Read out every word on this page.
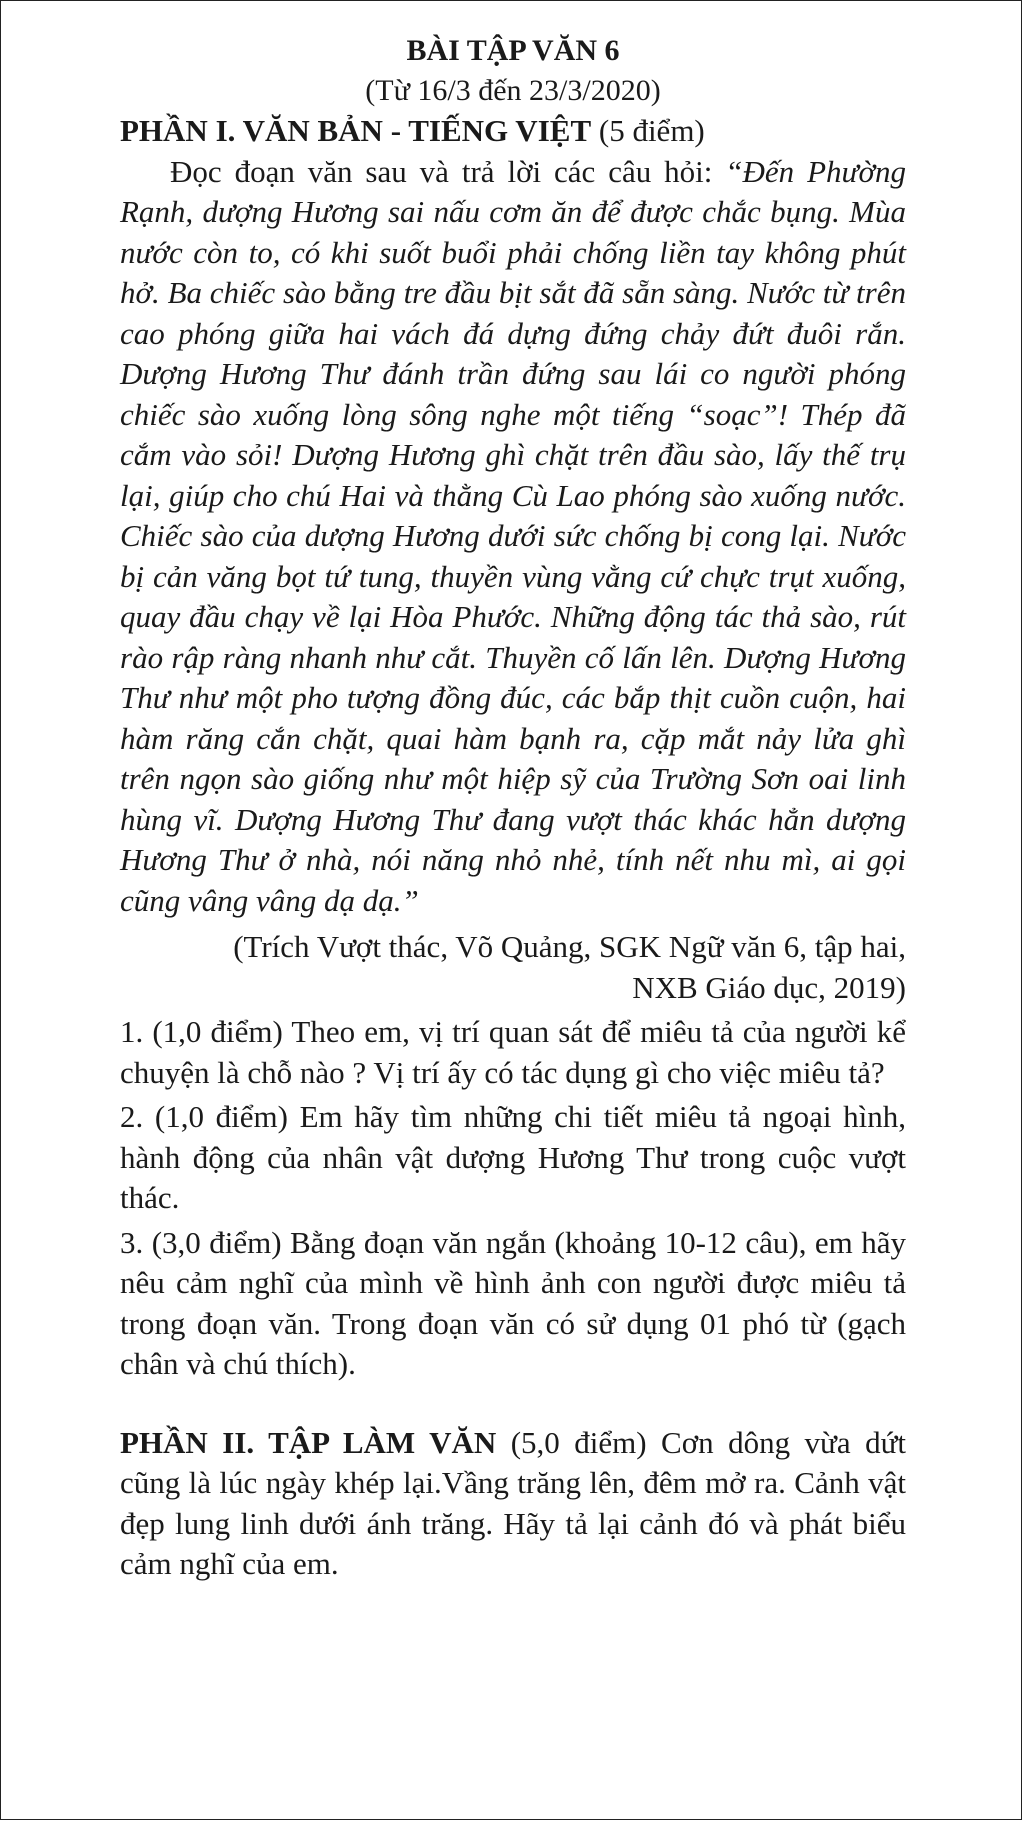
BÀI TẬP VĂN 6
(Từ 16/3 đến 23/3/2020)
PHẦN I. VĂN BẢN - TIẾNG VIỆT (5 điểm)

Đọc đoạn văn sau và trả lời các câu hỏi: “Đến Phường Rạnh, dượng Hương sai nấu cơm ăn để được chắc bụng. Mùa nước còn to, có khi suốt buổi phải chống liền tay không phút hở. Ba chiếc sào bằng tre đầu bịt sắt đã sẵn sàng. Nước từ trên cao phóng giữa hai vách đá dựng đứng chảy đứt đuôi rắn. Dượng Hương Thư đánh trần đứng sau lái co người phóng chiếc sào xuống lòng sông nghe một tiếng “soạc”! Thép đã cắm vào sỏi! Dượng Hương ghì chặt trên đầu sào, lấy thế trụ lại, giúp cho chú Hai và thằng Cù Lao phóng sào xuống nước. Chiếc sào của dượng Hương dưới sức chống bị cong lại. Nước bị cản văng bọt tứ tung, thuyền vùng vằng cứ chực trụt xuống, quay đầu chạy về lại Hòa Phước. Những động tác thả sào, rút rào rập ràng nhanh như cắt. Thuyền cố lấn lên. Dượng Hương Thư như một pho tượng đồng đúc, các bắp thịt cuồn cuộn, hai hàm răng cắn chặt, quai hàm bạnh ra, cặp mắt nảy lửa ghì trên ngọn sào giống như một hiệp sỹ của Trường Sơn oai linh hùng vĩ. Dượng Hương Thư đang vượt thác khác hẳn dượng Hương Thư ở nhà, nói năng nhỏ nhẻ, tính nết nhu mì, ai gọi cũng vâng vâng dạ dạ.”

(Trích Vượt thác, Võ Quảng, SGK Ngữ văn 6, tập hai,
NXB Giáo dục, 2019)

1. (1,0 điểm) Theo em, vị trí quan sát để miêu tả của người kể chuyện là chỗ nào ? Vị trí ấy có tác dụng gì cho việc miêu tả?

2. (1,0 điểm) Em hãy tìm những chi tiết miêu tả ngoại hình, hành động của nhân vật dượng Hương Thư trong cuộc vượt thác.

3. (3,0 điểm) Bằng đoạn văn ngắn (khoảng 10-12 câu), em hãy nêu cảm nghĩ của mình về hình ảnh con người được miêu tả trong đoạn văn. Trong đoạn văn có sử dụng 01 phó từ (gạch chân và chú thích).

PHẦN II. TẬP LÀM VĂN (5,0 điểm) Cơn dông vừa dứt cũng là lúc ngày khép lại.Vầng trăng lên, đêm mở ra. Cảnh vật đẹp lung linh dưới ánh trăng. Hãy tả lại cảnh đó và phát biểu cảm nghĩ của em.
